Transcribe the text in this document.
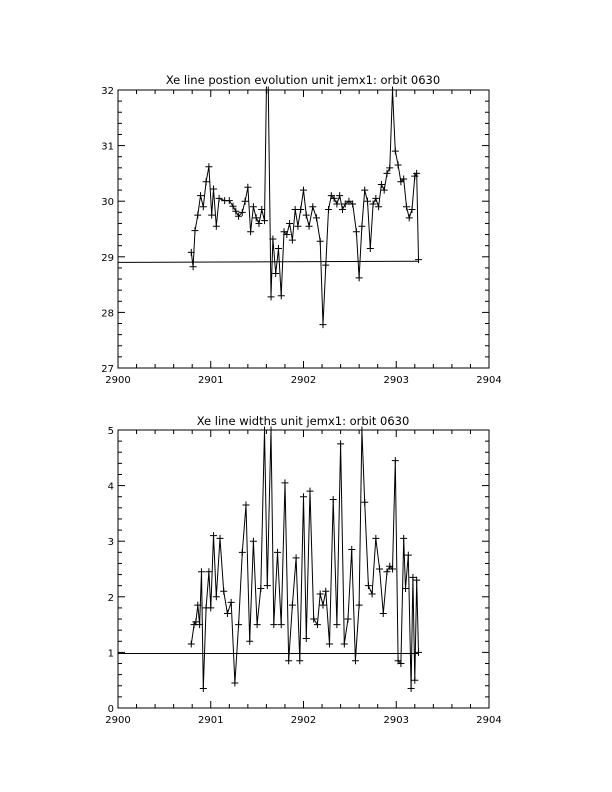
Xe line postion evolution unit jemx1: orbit 0630
2900	2901	2902	2903	2904
27
28
29
30
31
32
Xe line widths unit jemx1: orbit 0630
2900	2901	2902	2903	2904
0
1
2
3
4
5
